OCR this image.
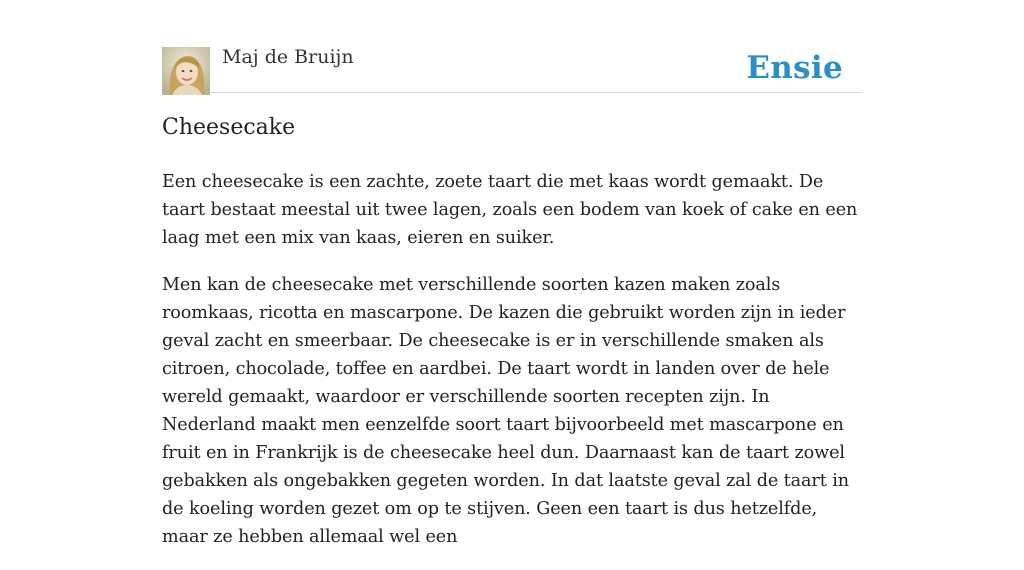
Maj de Bruijn	Ensie
Cheesecake

Een cheesecake is een zachte, zoete taart die met kaas wordt gemaakt. De taart bestaat meestal uit twee lagen, zoals een bodem van koek of cake en een laag met een mix van kaas, eieren en suiker.

Men kan de cheesecake met verschillende soorten kazen maken zoals roomkaas, ricotta en mascarpone. De kazen die gebruikt worden zijn in ieder geval zacht en smeerbaar. De cheesecake is er in verschillende smaken als citroen, chocolade, toffee en aardbei. De taart wordt in landen over de hele wereld gemaakt, waardoor er verschillende soorten recepten zijn. In Nederland maakt men eenzelfde soort taart bijvoorbeeld met mascarpone en fruit en in Frankrijk is de cheesecake heel dun. Daarnaast kan de taart zowel gebakken als ongebakken gegeten worden. In dat laatste geval zal de taart in de koeling worden gezet om op te stijven. Geen een taart is dus hetzelfde, maar ze hebben allemaal wel een
